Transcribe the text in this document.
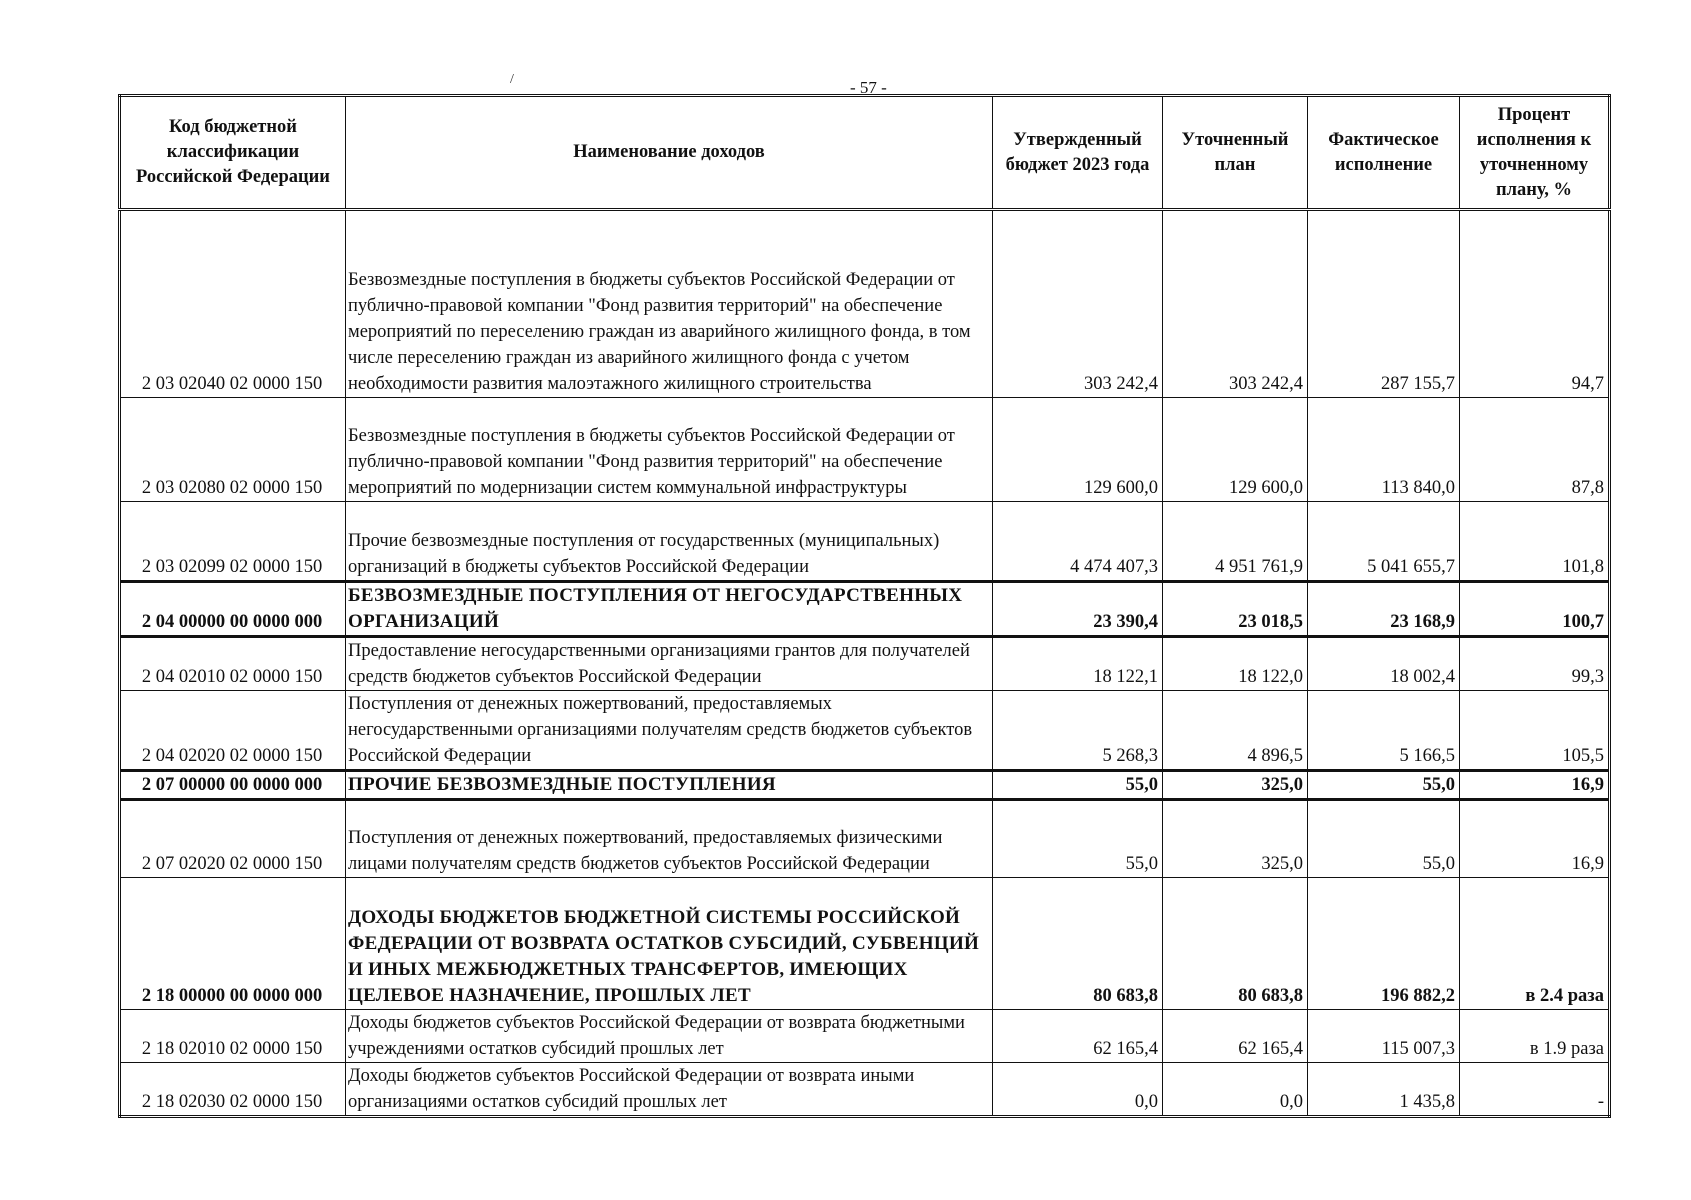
/	- 57 -
Код бюджетной классификации Российской Федерации	Наименование доходов	Утвержденный бюджет 2023 года	Уточненный план	Фактическое исполнение	Процент исполнения к уточненному плану, %
2 03 02040 02 0000 150	Безвозмездные поступления в бюджеты субъектов Российской Федерации от публично-правовой компании "Фонд развития территорий" на обеспечение мероприятий по переселению граждан из аварийного жилищного фонда, в том числе переселению граждан из аварийного жилищного фонда с учетом необходимости развития малоэтажного жилищного строительства	303 242,4	303 242,4	287 155,7	94,7
2 03 02080 02 0000 150	Безвозмездные поступления в бюджеты субъектов Российской Федерации от публично-правовой компании "Фонд развития территорий" на обеспечение мероприятий по модернизации систем коммунальной инфраструктуры	129 600,0	129 600,0	113 840,0	87,8
2 03 02099 02 0000 150	Прочие безвозмездные поступления от государственных (муниципальных) организаций в бюджеты субъектов Российской Федерации	4 474 407,3	4 951 761,9	5 041 655,7	101,8
2 04 00000 00 0000 000	БЕЗВОЗМЕЗДНЫЕ ПОСТУПЛЕНИЯ ОТ НЕГОСУДАРСТВЕННЫХ ОРГАНИЗАЦИЙ	23 390,4	23 018,5	23 168,9	100,7
2 04 02010 02 0000 150	Предоставление негосударственными организациями грантов для получателей средств бюджетов субъектов Российской Федерации	18 122,1	18 122,0	18 002,4	99,3
2 04 02020 02 0000 150	Поступления от денежных пожертвований, предоставляемых негосударственными организациями получателям средств бюджетов субъектов Российской Федерации	5 268,3	4 896,5	5 166,5	105,5
2 07 00000 00 0000 000	ПРОЧИЕ БЕЗВОЗМЕЗДНЫЕ ПОСТУПЛЕНИЯ	55,0	325,0	55,0	16,9
2 07 02020 02 0000 150	Поступления от денежных пожертвований, предоставляемых физическими лицами получателям средств бюджетов субъектов Российской Федерации	55,0	325,0	55,0	16,9
2 18 00000 00 0000 000	ДОХОДЫ БЮДЖЕТОВ БЮДЖЕТНОЙ СИСТЕМЫ РОССИЙСКОЙ ФЕДЕРАЦИИ ОТ ВОЗВРАТА ОСТАТКОВ СУБСИДИЙ, СУБВЕНЦИЙ И ИНЫХ МЕЖБЮДЖЕТНЫХ ТРАНСФЕРТОВ, ИМЕЮЩИХ ЦЕЛЕВОЕ НАЗНАЧЕНИЕ, ПРОШЛЫХ ЛЕТ	80 683,8	80 683,8	196 882,2	в 2.4 раза
2 18 02010 02 0000 150	Доходы бюджетов субъектов Российской Федерации от возврата бюджетными учреждениями остатков субсидий прошлых лет	62 165,4	62 165,4	115 007,3	в 1.9 раза
2 18 02030 02 0000 150	Доходы бюджетов субъектов Российской Федерации от возврата иными организациями остатков субсидий прошлых лет	0,0	0,0	1 435,8	-
